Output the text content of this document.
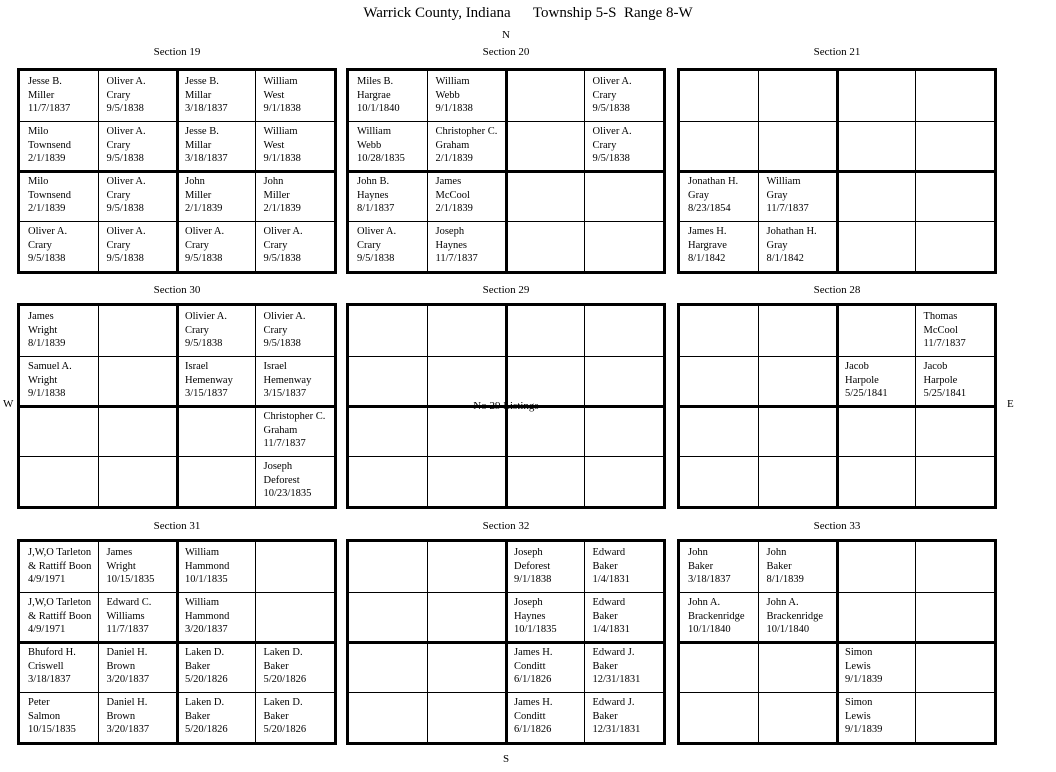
Warrick County, Indiana      Township 5-S  Range 8-W
N
S
W	E
Section 19
Jesse B.
Miller
11/7/1837
Oliver A.
Crary
9/5/1838
Jesse B.
Millar
3/18/1837
William
West
9/1/1838
Milo
Townsend
2/1/1839
Oliver A.
Crary
9/5/1838
Jesse B.
Millar
3/18/1837
William
West
9/1/1838
Milo
Townsend
2/1/1839
Oliver A.
Crary
9/5/1838
John
Miller
2/1/1839
John
Miller
2/1/1839
Oliver A.
Crary
9/5/1838
Oliver A.
Crary
9/5/1838
Oliver A.
Crary
9/5/1838
Oliver A.
Crary
9/5/1838
Section 20
Miles B.
Hargrae
10/1/1840
William
Webb
9/1/1838
Oliver A.
Crary
9/5/1838
William
Webb
10/28/1835
Christopher C.
Graham
2/1/1839
Oliver A.
Crary
9/5/1838
John B.
Haynes
8/1/1837
James
McCool
2/1/1839
Oliver A.
Crary
9/5/1838
Joseph
Haynes
11/7/1837
Section 21
Jonathan H.
Gray
8/23/1854
William
Gray
11/7/1837
James H.
Hargrave
8/1/1842
Johathan H.
Gray
8/1/1842
Section 30
James
Wright
8/1/1839
Olivier A.
Crary
9/5/1838
Olivier A.
Crary
9/5/1838
Samuel A.
Wright
9/1/1838
Israel
Hemenway
3/15/1837
Israel
Hemenway
3/15/1837
Christopher C.
Graham
11/7/1837
Joseph
Deforest
10/23/1835
Section 29
No 29 Listings
Section 28
Thomas
McCool
11/7/1837
Jacob
Harpole
5/25/1841
Jacob
Harpole
5/25/1841
Section 31
J,W,O Tarleton
& Rattiff Boon
4/9/1971
James
Wright
10/15/1835
William
Hammond
10/1/1835
J,W,O Tarleton
& Rattiff Boon
4/9/1971
Edward C.
Williams
11/7/1837
William
Hammond
3/20/1837
Bhuford H.
Criswell
3/18/1837
Daniel H.
Brown
3/20/1837
Laken D.
Baker
5/20/1826
Laken D.
Baker
5/20/1826
Peter
Salmon
10/15/1835
Daniel H.
Brown
3/20/1837
Laken D.
Baker
5/20/1826
Laken D.
Baker
5/20/1826
Section 32
Joseph
Deforest
9/1/1838
Edward
Baker
1/4/1831
Joseph
Haynes
10/1/1835
Edward
Baker
1/4/1831
James H.
Conditt
6/1/1826
Edward J.
Baker
12/31/1831
James H.
Conditt
6/1/1826
Edward J.
Baker
12/31/1831
Section 33
John
Baker
3/18/1837
John
Baker
8/1/1839
John A.
Brackenridge
10/1/1840
John A.
Brackenridge
10/1/1840
Simon
Lewis
9/1/1839
Simon
Lewis
9/1/1839
